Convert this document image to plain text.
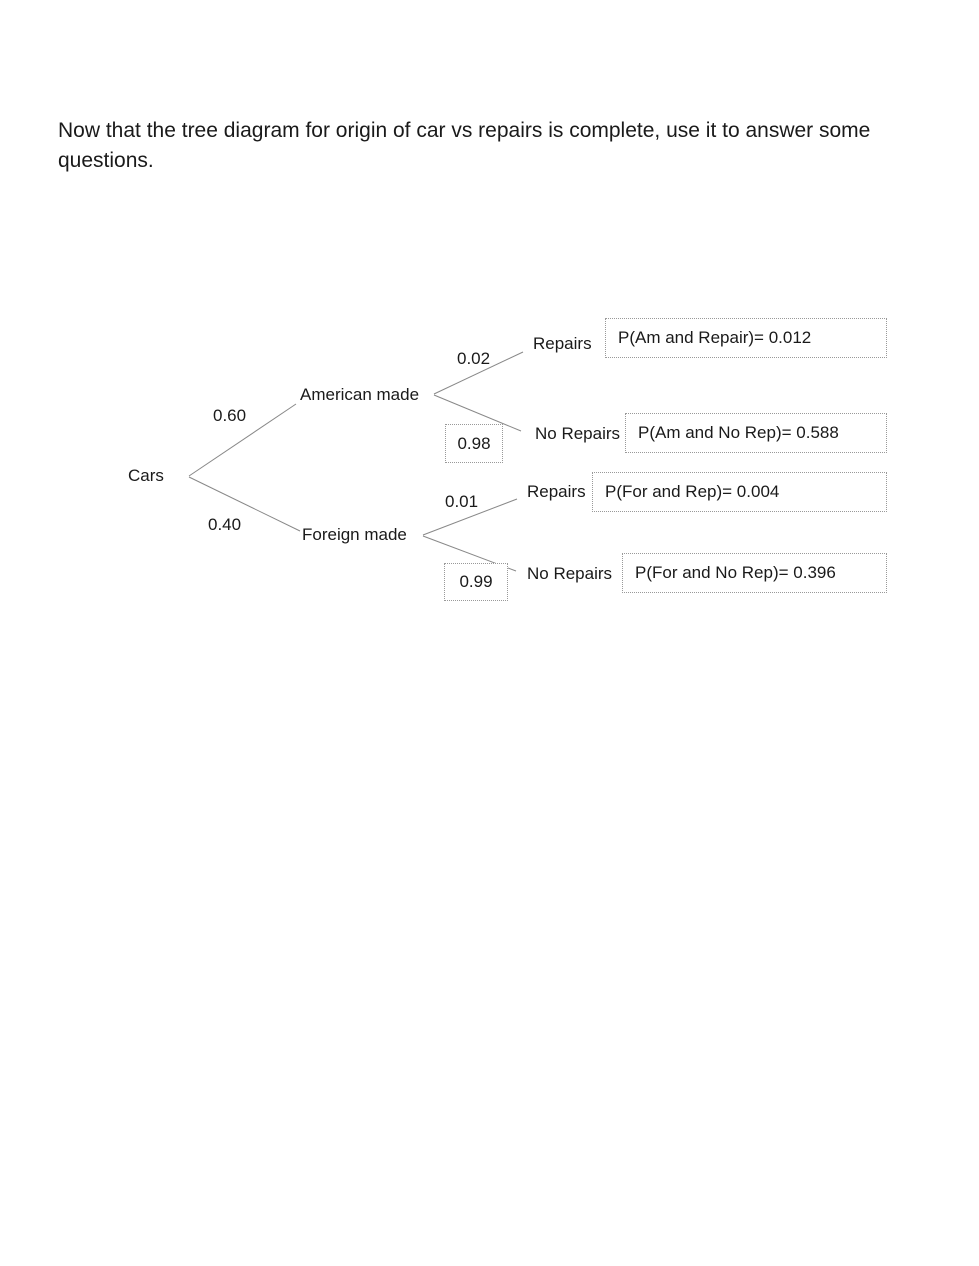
Now that the tree diagram for origin of car vs repairs is complete, use it to answer some questions.
Cars
0.60
0.40
American made
Foreign made
0.02
0.01
0.98
0.99
Repairs
No Repairs
Repairs
No Repairs
P(Am and Repair)= 0.012
P(Am and No Rep)= 0.588
P(For and Rep)= 0.004
P(For and No Rep)= 0.396
